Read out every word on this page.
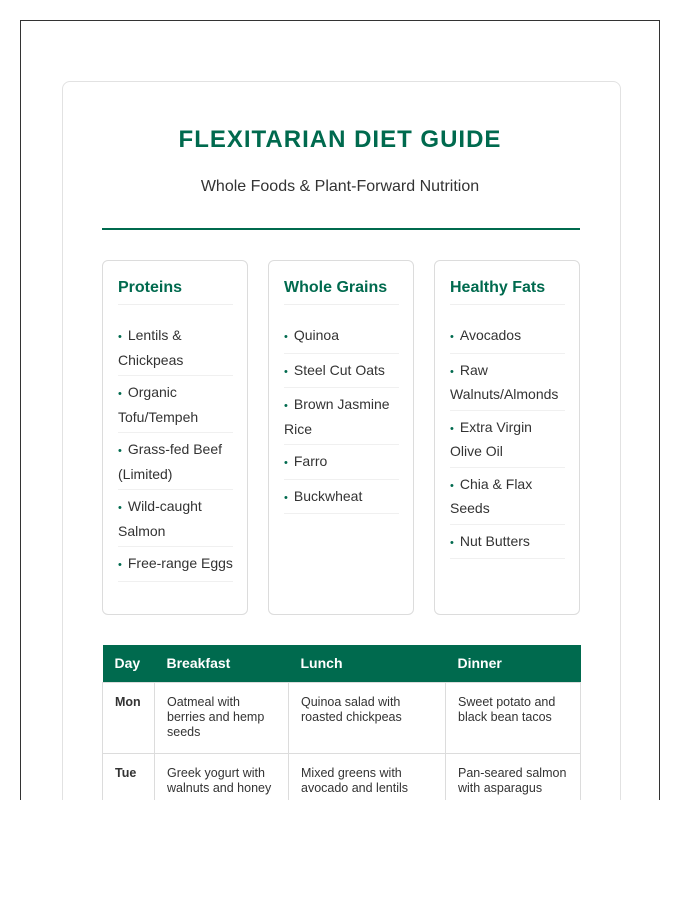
FLEXITARIAN DIET GUIDE
Whole Foods & Plant-Forward Nutrition
Proteins
• Lentils & Chickpeas
• Organic Tofu/Tempeh
• Grass-fed Beef (Limited)
• Wild-caught Salmon
• Free-range Eggs
Whole Grains
• Quinoa
• Steel Cut Oats
• Brown Jasmine Rice
• Farro
• Buckwheat
Healthy Fats
• Avocados
• Raw Walnuts/Almonds
• Extra Virgin Olive Oil
• Chia & Flax Seeds
• Nut Butters
Day	Breakfast	Lunch	Dinner
Mon	Oatmeal with berries and hemp seeds	Quinoa salad with roasted chickpeas	Sweet potato and black bean tacos
Tue	Greek yogurt with walnuts and honey	Mixed greens with avocado and lentils	Pan-seared salmon with asparagus
